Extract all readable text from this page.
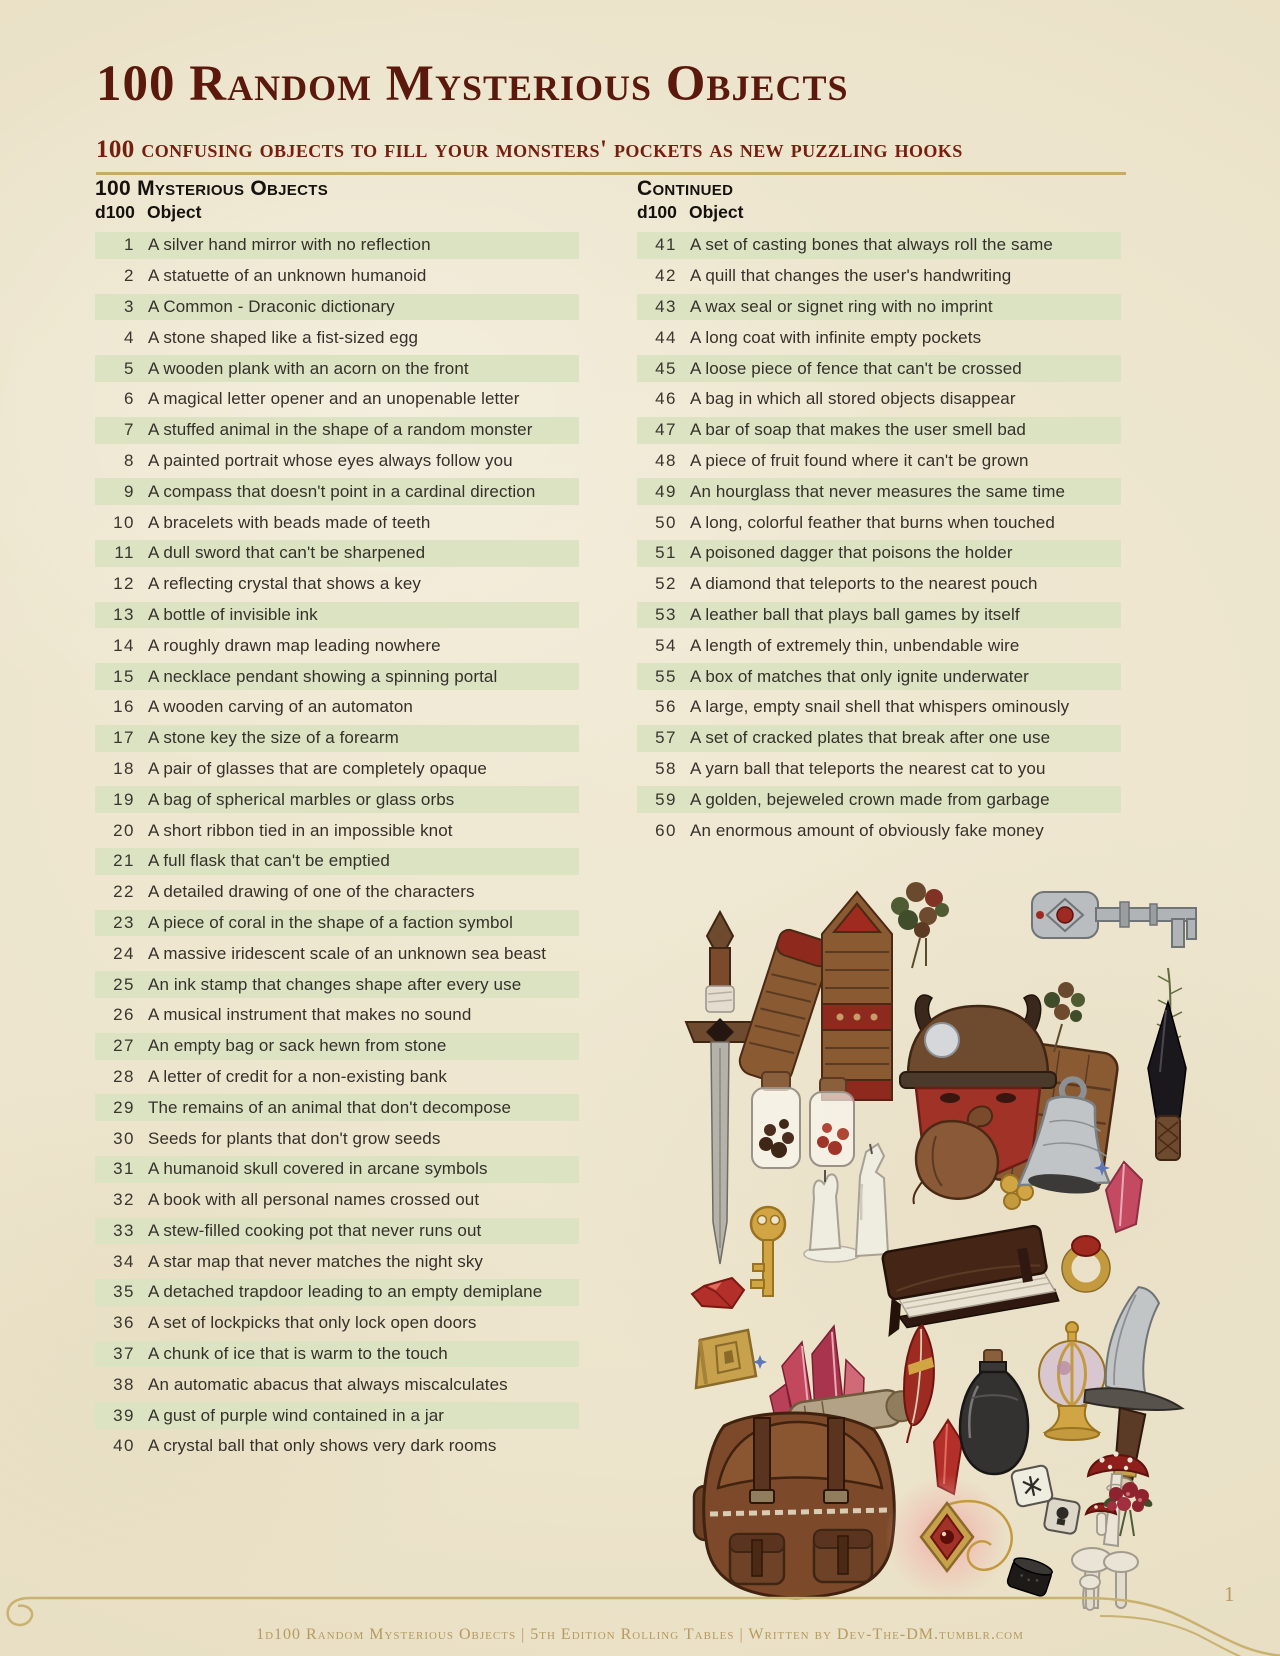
100 Random Mysterious Objects
100 confusing objects to fill your monsters' pockets as new puzzling hooks
100 Mysterious Objects
d100 Object
Continued
d100 Object
1 A silver hand mirror with no reflection
2 A statuette of an unknown humanoid
3 A Common - Draconic dictionary
4 A stone shaped like a fist-sized egg
5 A wooden plank with an acorn on the front
6 A magical letter opener and an unopenable letter
7 A stuffed animal in the shape of a random monster
8 A painted portrait whose eyes always follow you
9 A compass that doesn't point in a cardinal direction
10 A bracelets with beads made of teeth
11 A dull sword that can't be sharpened
12 A reflecting crystal that shows a key
13 A bottle of invisible ink
14 A roughly drawn map leading nowhere
15 A necklace pendant showing a spinning portal
16 A wooden carving of an automaton
17 A stone key the size of a forearm
18 A pair of glasses that are completely opaque
19 A bag of spherical marbles or glass orbs
20 A short ribbon tied in an impossible knot
21 A full flask that can't be emptied
22 A detailed drawing of one of the characters
23 A piece of coral in the shape of a faction symbol
24 A massive iridescent scale of an unknown sea beast
25 An ink stamp that changes shape after every use
26 A musical instrument that makes no sound
27 An empty bag or sack hewn from stone
28 A letter of credit for a non-existing bank
29 The remains of an animal that don't decompose
30 Seeds for plants that don't grow seeds
31 A humanoid skull covered in arcane symbols
32 A book with all personal names crossed out
33 A stew-filled cooking pot that never runs out
34 A star map that never matches the night sky
35 A detached trapdoor leading to an empty demiplane
36 A set of lockpicks that only lock open doors
37 A chunk of ice that is warm to the touch
38 An automatic abacus that always miscalculates
39 A gust of purple wind contained in a jar
40 A crystal ball that only shows very dark rooms
41 A set of casting bones that always roll the same
42 A quill that changes the user's handwriting
43 A wax seal or signet ring with no imprint
44 A long coat with infinite empty pockets
45 A loose piece of fence that can't be crossed
46 A bag in which all stored objects disappear
47 A bar of soap that makes the user smell bad
48 A piece of fruit found where it can't be grown
49 An hourglass that never measures the same time
50 A long, colorful feather that burns when touched
51 A poisoned dagger that poisons the holder
52 A diamond that teleports to the nearest pouch
53 A leather ball that plays ball games by itself
54 A length of extremely thin, unbendable wire
55 A box of matches that only ignite underwater
56 A large, empty snail shell that whispers ominously
57 A set of cracked plates that break after one use
58 A yarn ball that teleports the nearest cat to you
59 A golden, bejeweled crown made from garbage
60 An enormous amount of obviously fake money
1
1d100 Random Mysterious Objects | 5th Edition Rolling Tables | Written by Dev-The-DM.tumblr.com
